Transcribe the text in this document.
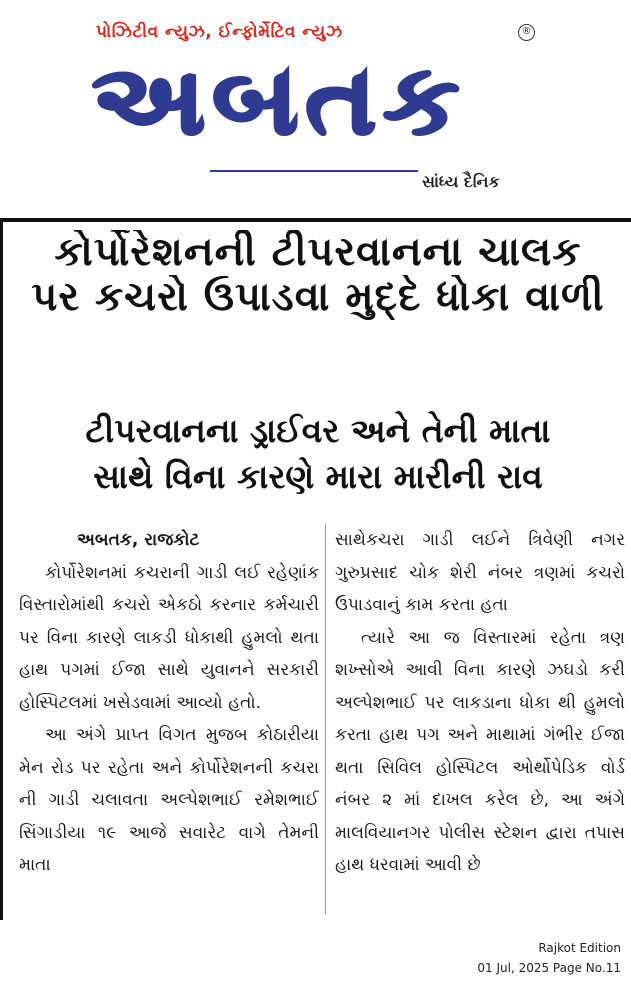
પોઝિટીવ ન્યુઝ, ઈન્ફોર્મેટિવ ન્યુઝ	®
અબતક
સાંધ્ય દૈનિક
કોર્પોરેશનની ટીપરવાનના ચાલક
પર કચરો ઉપાડવા મુદ્દે ધોકા વાળી
ટીપરવાનના ડ્રાઈવર અને તેની માતા
સાથે વિના કારણે મારા મારીની રાવ
અબતક, રાજકોટ

કોર્પોરેશનમાં કચરાની ગાડી લઈ રહેણાંક વિસ્તારોમાંથી કચરો એકઠો કરનાર કર્મચારી પર વિના કારણે લાકડી ધોકાથી હુમલો થતા હાથ પગમાં ઈજા સાથે યુવાનને સરકારી હોસ્પિટલમાં ખસેડવામાં આવ્યો હતો.

આ અંગે પ્રાપ્ત વિગત મુજબ કોઠારીયા મેન રોડ પર રહેતા અને કોર્પોરેશનની કચરા ની ગાડી ચલાવતા અલ્પેશભાઈ રમેશભાઈ સિંગાડીયા ૧૯ આજે સવારેટ વાગે તેમની માતા

સાથેકચરા ગાડી લઈને ત્રિવેણી નગર ગુરુપ્રસાદ ચોક શેરી નંબર ત્રણમાં કચરો ઉપાડવાનું કામ કરતા હતા

ત્યારે આ જ વિસ્તારમાં રહેતા ત્રણ શખ્સોએ આવી વિના કારણે ઝઘડો કરી અલ્પેશભાઈ પર લાકડાના ધોકા થી હુમલો કરતા હાથ પગ અને માથામાં ગંભીર ઈજા થતા સિવિલ હોસ્પિટલ ઓર્થોપેડિક વોર્ડ નંબર ૨ માં દાખલ કરેલ છે, આ અંગે માલવિયાનગર પોલીસ સ્ટેશન દ્વારા તપાસ હાથ ધરવામાં આવી છે

Rajkot Edition
01 Jul, 2025 Page No.11
